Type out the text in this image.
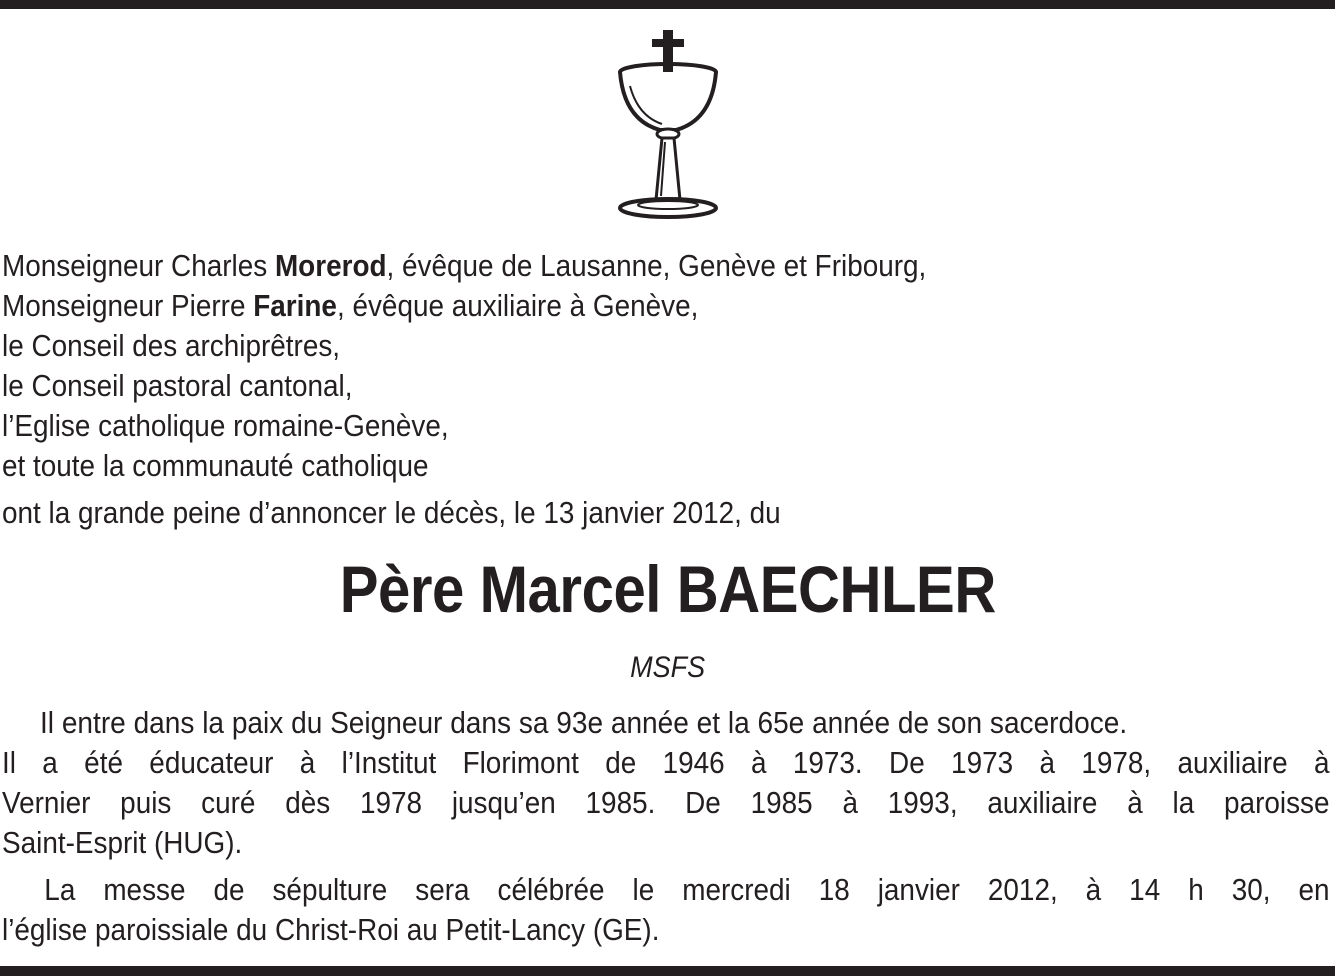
Monseigneur Charles Morerod, évêque de Lausanne, Genève et Fribourg,
Monseigneur Pierre Farine, évêque auxiliaire à Genève,
le Conseil des archiprêtres,
le Conseil pastoral cantonal,
l’Eglise catholique romaine-Genève,
et toute la communauté catholique
ont la grande peine d’annoncer le décès, le 13 janvier 2012, du
Père Marcel BAECHLER
MSFS
Il entre dans la paix du Seigneur dans sa 93e année et la 65e année de son sacerdoce.
Il a été éducateur à l’Institut Florimont de 1946 à 1973. De 1973 à 1978, auxiliaire à
Vernier puis curé dès 1978 jusqu’en 1985. De 1985 à 1993, auxiliaire à la paroisse
Saint-Esprit (HUG).
La messe de sépulture sera célébrée le mercredi 18 janvier 2012, à 14 h 30, en
l’église paroissiale du Christ-Roi au Petit-Lancy (GE).
